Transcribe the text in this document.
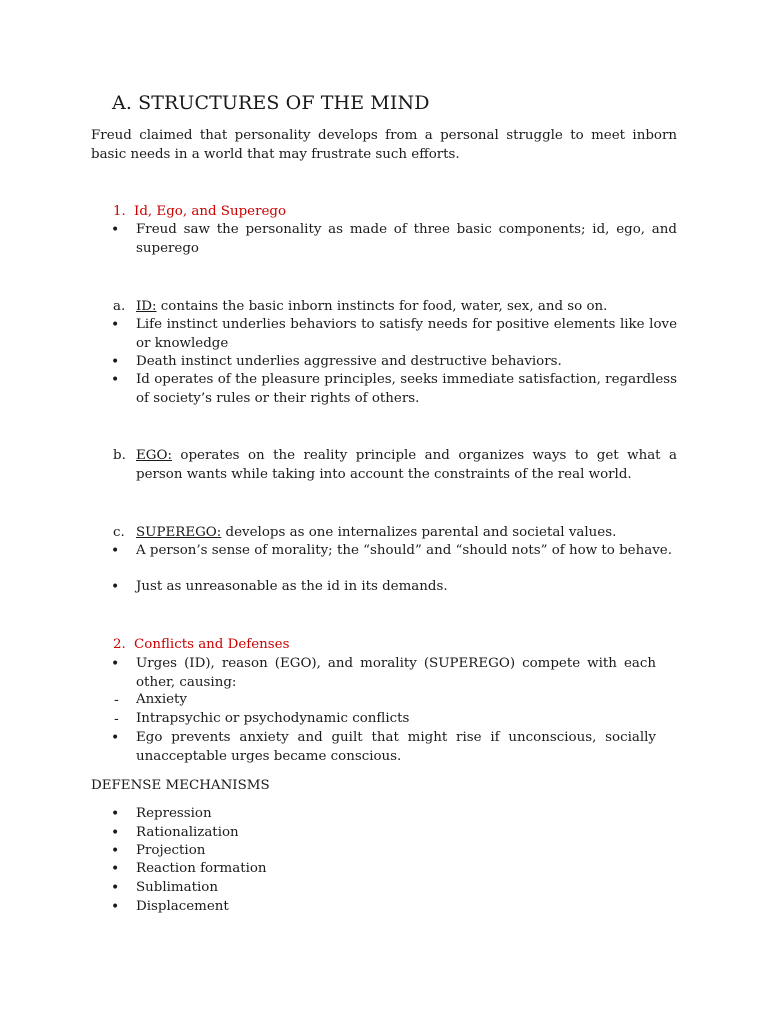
A. STRUCTURES OF THE MIND
Freud claimed that personality develops from a personal struggle to meet inborn basic needs in a world that may frustrate such efforts.
1. Id, Ego, and Superego
• Freud saw the personality as made of three basic components; id, ego, and superego
a. ID: contains the basic inborn instincts for food, water, sex, and so on.
• Life instinct underlies behaviors to satisfy needs for positive elements like love or knowledge
• Death instinct underlies aggressive and destructive behaviors.
• Id operates of the pleasure principles, seeks immediate satisfaction, regardless of society’s rules or their rights of others.
b. EGO: operates on the reality principle and organizes ways to get what a person wants while taking into account the constraints of the real world.
c. SUPEREGO: develops as one internalizes parental and societal values.
• A person’s sense of morality; the “should” and “should nots” of how to behave.
• Just as unreasonable as the id in its demands.
2. Conflicts and Defenses
• Urges (ID), reason (EGO), and morality (SUPEREGO) compete with each other, causing:
- Anxiety
- Intrapsychic or psychodynamic conflicts
• Ego prevents anxiety and guilt that might rise if unconscious, socially unacceptable urges became conscious.
DEFENSE MECHANISMS
• Repression
• Rationalization
• Projection
• Reaction formation
• Sublimation
• Displacement
